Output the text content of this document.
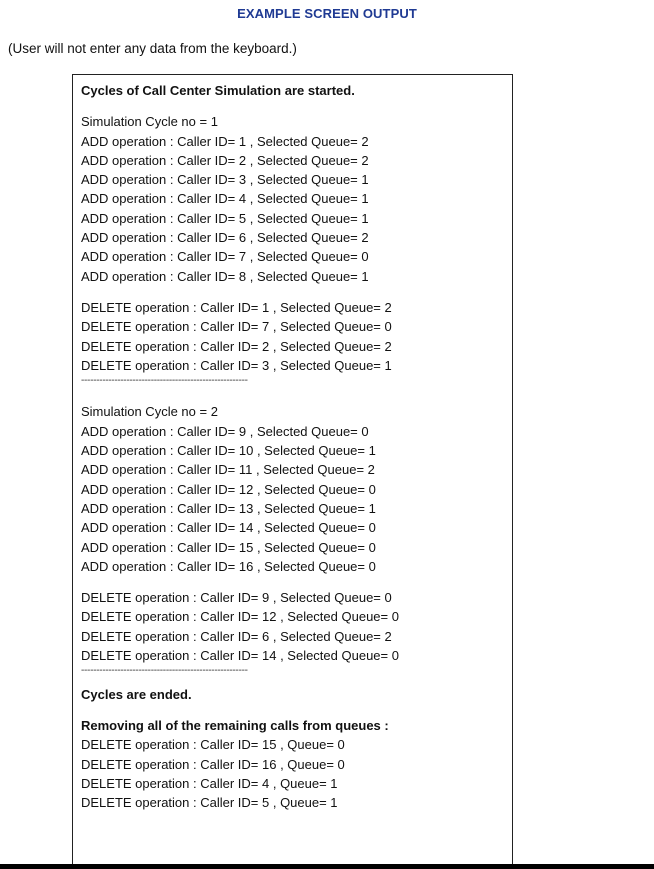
EXAMPLE SCREEN OUTPUT
(User will not enter any data from the keyboard.)
Cycles of Call Center Simulation are started.
Simulation Cycle no = 1
ADD operation : Caller ID= 1 , Selected Queue= 2
ADD operation : Caller ID= 2 , Selected Queue= 2
ADD operation : Caller ID= 3 , Selected Queue= 1
ADD operation : Caller ID= 4 , Selected Queue= 1
ADD operation : Caller ID= 5 , Selected Queue= 1
ADD operation : Caller ID= 6 , Selected Queue= 2
ADD operation : Caller ID= 7 , Selected Queue= 0
ADD operation : Caller ID= 8 , Selected Queue= 1
DELETE operation : Caller ID= 1 , Selected Queue= 2
DELETE operation : Caller ID= 7 , Selected Queue= 0
DELETE operation : Caller ID= 2 , Selected Queue= 2
DELETE operation : Caller ID= 3 , Selected Queue= 1
-------------------------------------------------------
Simulation Cycle no = 2
ADD operation : Caller ID= 9 , Selected Queue= 0
ADD operation : Caller ID= 10 , Selected Queue= 1
ADD operation : Caller ID= 11 , Selected Queue= 2
ADD operation : Caller ID= 12 , Selected Queue= 0
ADD operation : Caller ID= 13 , Selected Queue= 1
ADD operation : Caller ID= 14 , Selected Queue= 0
ADD operation : Caller ID= 15 , Selected Queue= 0
ADD operation : Caller ID= 16 , Selected Queue= 0
DELETE operation : Caller ID= 9 , Selected Queue= 0
DELETE operation : Caller ID= 12 , Selected Queue= 0
DELETE operation : Caller ID= 6 , Selected Queue= 2
DELETE operation : Caller ID= 14 , Selected Queue= 0
-------------------------------------------------------
Cycles are ended.
Removing all of the remaining calls from queues :
DELETE operation : Caller ID= 15 , Queue= 0
DELETE operation : Caller ID= 16 , Queue= 0
DELETE operation : Caller ID= 4 , Queue= 1
DELETE operation : Caller ID= 5 , Queue= 1
